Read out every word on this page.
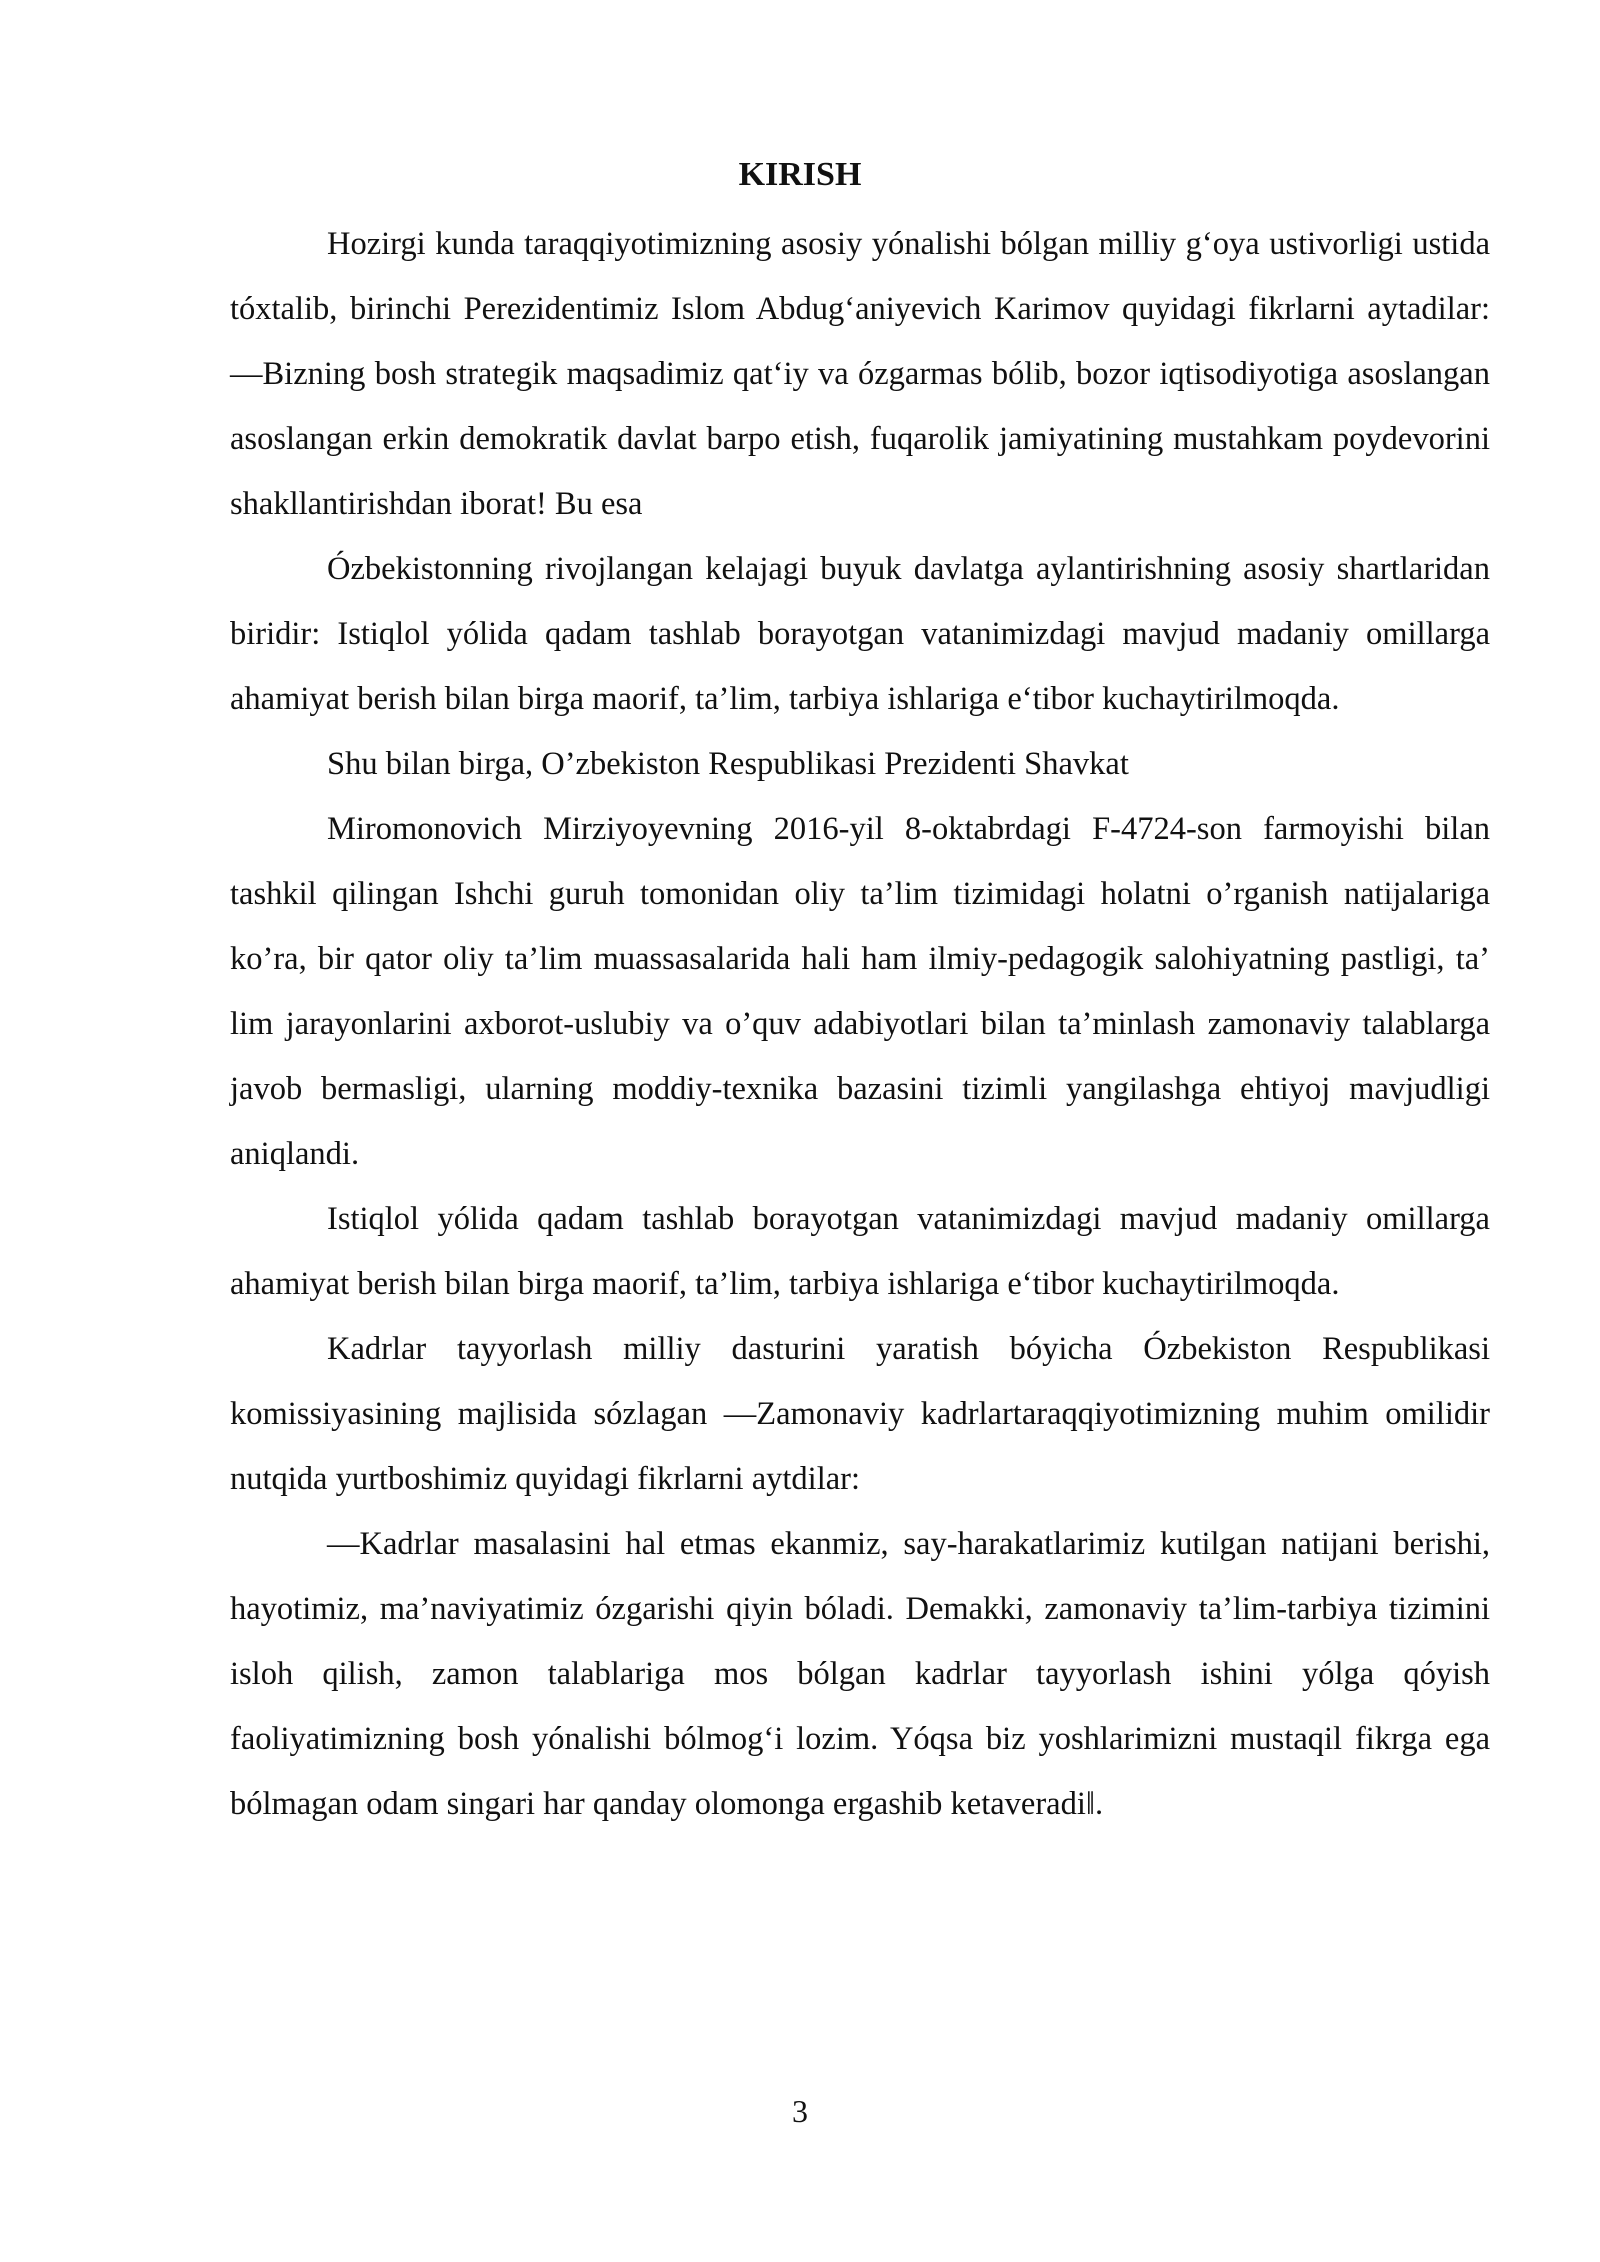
KIRISH

Hozirgi kunda taraqqiyotimizning asosiy yónalishi bólgan milliy g‘oya ustivorligi ustida tóxtalib, birinchi Perezidentimiz Islom Abdug‘aniyevich Karimov quyidagi fikrlarni aytadilar: ―Bizning bosh strategik maqsadimiz qat‘iy va ózgarmas bólib, bozor iqtisodiyotiga asoslangan asoslangan erkin demokratik davlat barpo etish, fuqarolik jamiyatining mustahkam poydevorini shakllantirishdan iborat! Bu esa

Ózbekistonning rivojlangan kelajagi buyuk davlatga aylantirishning asosiy shartlaridan biridir: Istiqlol yólida qadam tashlab borayotgan vatanimizdagi mavjud madaniy omillarga ahamiyat berish bilan birga maorif, ta’lim, tarbiya ishlariga e‘tibor kuchaytirilmoqda.

Shu bilan birga, O’zbekiston Respublikasi Prezidenti Shavkat

Miromonovich Mirziyoyevning 2016-yil 8-oktabrdagi F-4724-son farmoyishi bilan tashkil qilingan Ishchi guruh tomonidan oliy ta’lim tizimidagi holatni o’rganish natijalariga ko’ra, bir qator oliy ta’lim muassasalarida hali ham ilmiy-pedagogik salohiyatning pastligi, ta’ lim jarayonlarini axborot-uslubiy va o’quv adabiyotlari bilan ta’minlash zamonaviy talablarga javob bermasligi, ularning moddiy-texnika bazasini tizimli yangilashga ehtiyoj mavjudligi aniqlandi.

Istiqlol yólida qadam tashlab borayotgan vatanimizdagi mavjud madaniy omillarga ahamiyat berish bilan birga maorif, ta’lim, tarbiya ishlariga e‘tibor kuchaytirilmoqda.

Kadrlar tayyorlash milliy dasturini yaratish bóyicha Ózbekiston Respublikasi komissiyasining majlisida sózlagan ―Zamonaviy kadrlartaraqqiyotimizning muhim omilidir nutqida yurtboshimiz quyidagi fikrlarni aytdilar:

―Kadrlar masalasini hal etmas ekanmiz, say-harakatlarimiz kutilgan natijani berishi, hayotimiz, ma’naviyatimiz ózgarishi qiyin bóladi. Demakki, zamonaviy ta’lim-tarbiya tizimini isloh qilish, zamon talablariga mos bólgan kadrlar tayyorlash ishini yólga qóyish faoliyatimizning bosh yónalishi bólmog‘i lozim. Yóqsa biz yoshlarimizni mustaqil fikrga ega bólmagan odam singari har qanday olomonga ergashib ketaveradi‖.

3
